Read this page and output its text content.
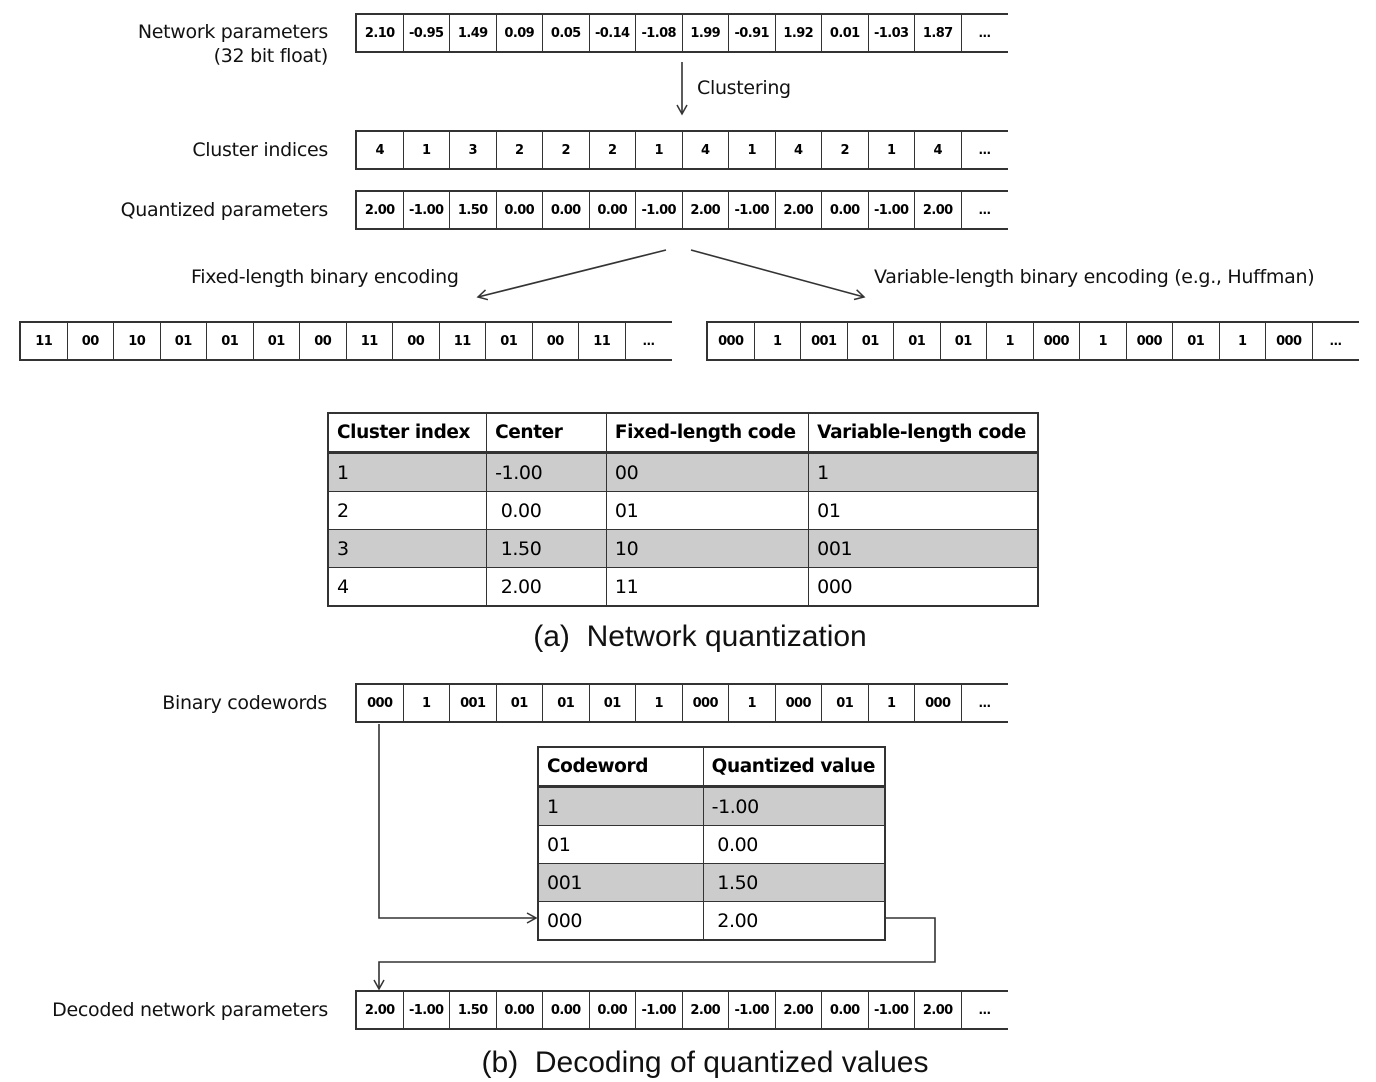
Network parameters
(32 bit float)
2.10	-0.95	1.49	0.09	0.05	-0.14 -1.08	1.99	-0.91	1.92	0.01	-1.03	1.87	...
Clustering
Cluster indices	4	1	3	2	2	2	1	4	1	4	2	1	4	...
Quantized parameters	2.00	-1.00	1.50	0.00	0.00	0.00	-1.00	2.00	-1.00	2.00	0.00	-1.00	2.00	...
Fixed-length binary encoding
11	00	10	01	01	01	00	11	00	11	01	00	11	...
Variable-length binary encoding (e.g., Huffman)
000	1	001	01	01	01	1	000	1	000	01	1	000	...
Cluster index	Center	Fixed-length code	Variable-length code
1	-1.00	00	1
2	0.00	01	01
3	1.50	10	001
4	2.00	11	000
(a) Network quantization
Binary codewords	000	1	001	01	01	01	1	000	1	000	01	1	000	...
Codeword	Quantized value
1	-1.00
01	0.00
001	1.50
000	2.00
Decoded network parameters	2.00	-1.00	1.50	0.00	0.00	0.00	-1.00	2.00	-1.00	2.00	0.00	-1.00	2.00	...
(b) Decoding of quantized values
